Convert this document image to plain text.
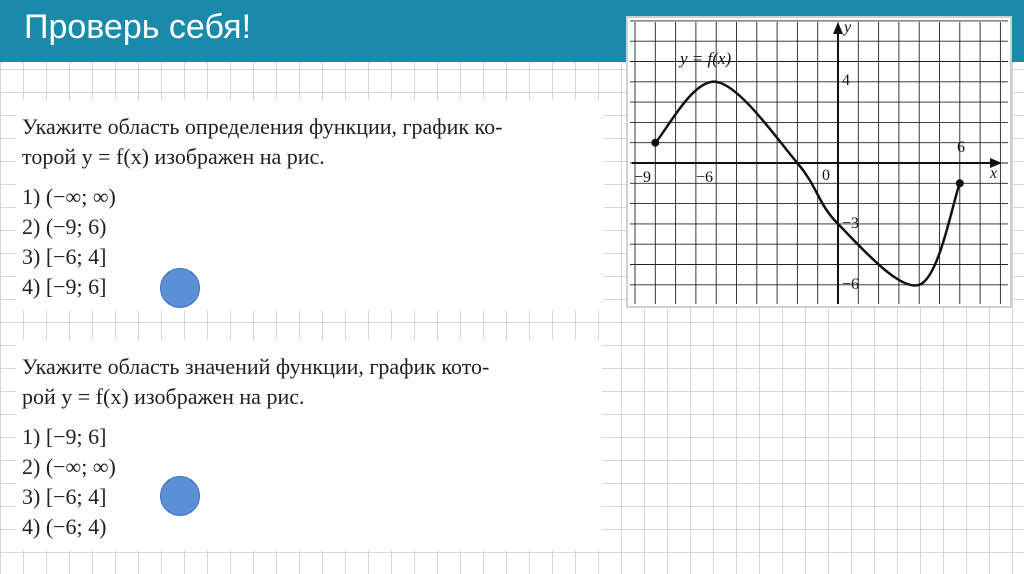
Проверь себя!
Укажите область определения функции, график ко-
торой y = f(x) изображен на рис.
1) (−∞; ∞)
2) (−9; 6)
3) [−6; 4]
4) [−9; 6]
Укажите область значений функции, график кото-
рой y = f(x) изображен на рис.
1) [−9; 6]
2) (−∞; ∞)
3) [−6; 4]
4) (−6; 4)
y = f(x)
x
y
−9	−6	0
6
4
−3
−6
